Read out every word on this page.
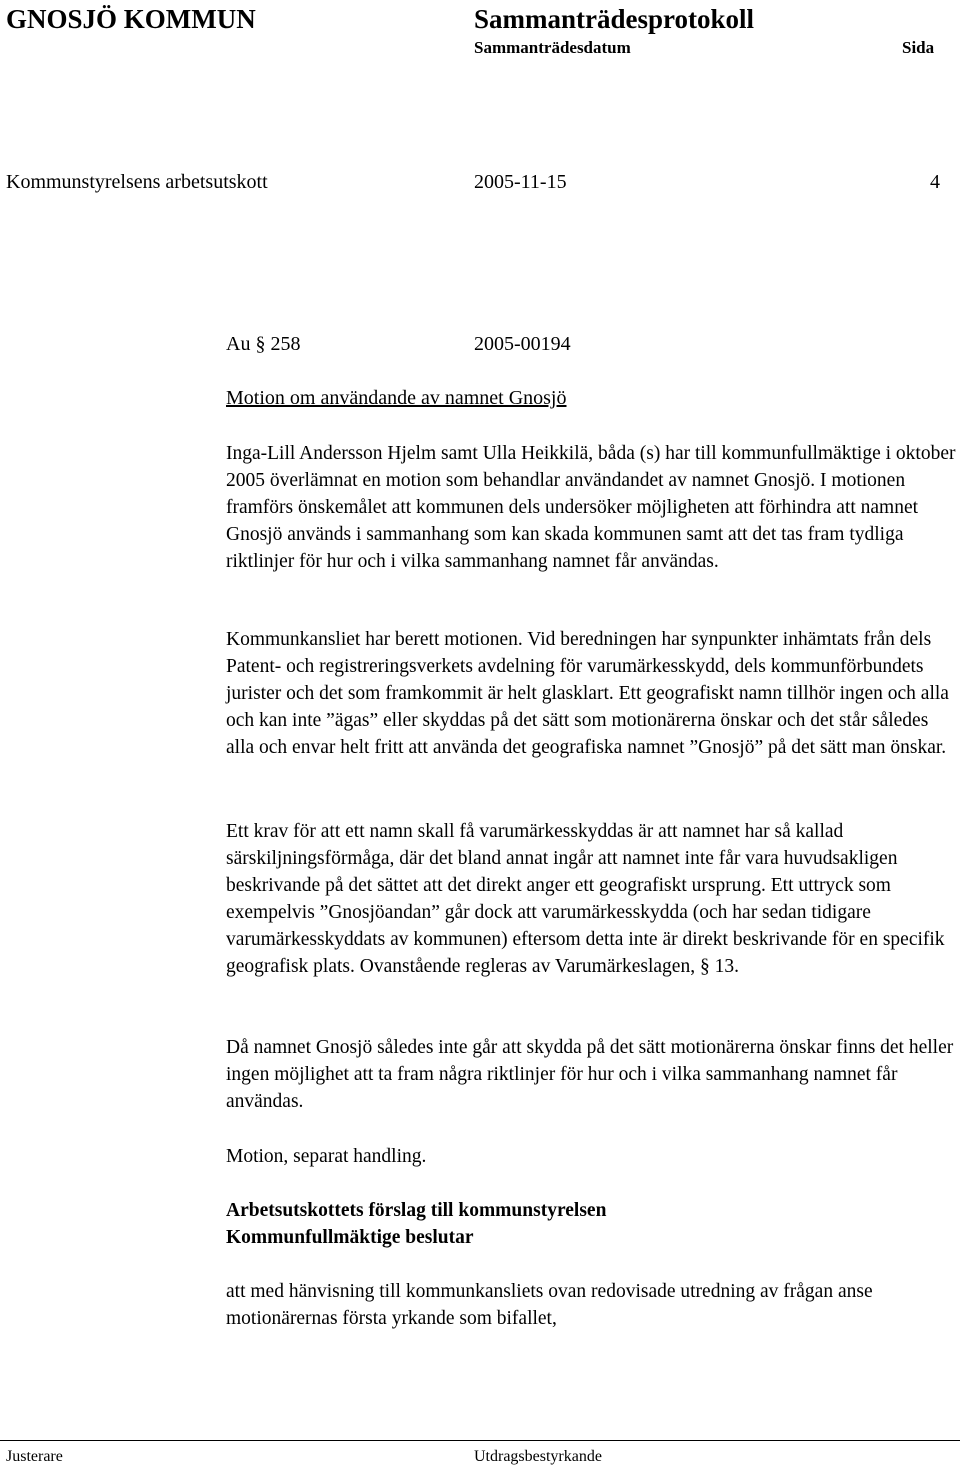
GNOSJÖ KOMMUN	Sammanträdesprotokoll
Sammanträdesdatum	Sida
Kommunstyrelsens arbetsutskott	2005-11-15	4
Au § 258	2005-00194
Motion om användande av namnet Gnosjö

Inga-Lill Andersson Hjelm samt Ulla Heikkilä, båda (s) har till kommunfullmäktige i oktober 2005 överlämnat en motion som behandlar användandet av namnet Gnosjö. I motionen framförs önskemålet att kommunen dels undersöker möjligheten att förhindra att namnet Gnosjö används i sammanhang som kan skada kommunen samt att det tas fram tydliga riktlinjer för hur och i vilka sammanhang namnet får användas.

Kommunkansliet har berett motionen. Vid beredningen har synpunkter inhämtats från dels Patent- och registreringsverkets avdelning för varumärkesskydd, dels kommunförbundets jurister och det som framkommit är helt glasklart. Ett geografiskt namn tillhör ingen och alla och kan inte ”ägas” eller skyddas på det sätt som motionärerna önskar och det står således alla och envar helt fritt att använda det geografiska namnet ”Gnosjö” på det sätt man önskar.

Ett krav för att ett namn skall få varumärkesskyddas är att namnet har så kallad särskiljningsförmåga, där det bland annat ingår att namnet inte får vara huvudsakligen beskrivande på det sättet att det direkt anger ett geografiskt ursprung. Ett uttryck som exempelvis ”Gnosjöandan” går dock att varumärkesskydda (och har sedan tidigare varumärkesskyddats av kommunen) eftersom detta inte är direkt beskrivande för en specifik geografisk plats. Ovanstående regleras av Varumärkeslagen, § 13.

Då namnet Gnosjö således inte går att skydda på det sätt motionärerna önskar finns det heller ingen möjlighet att ta fram några riktlinjer för hur och i vilka sammanhang namnet får användas.

Motion, separat handling.

Arbetsutskottets förslag till kommunstyrelsen
Kommunfullmäktige beslutar

att med hänvisning till kommunkansliets ovan redovisade utredning av frågan anse motionärernas första yrkande som bifallet,

Justerare	Utdragsbestyrkande
